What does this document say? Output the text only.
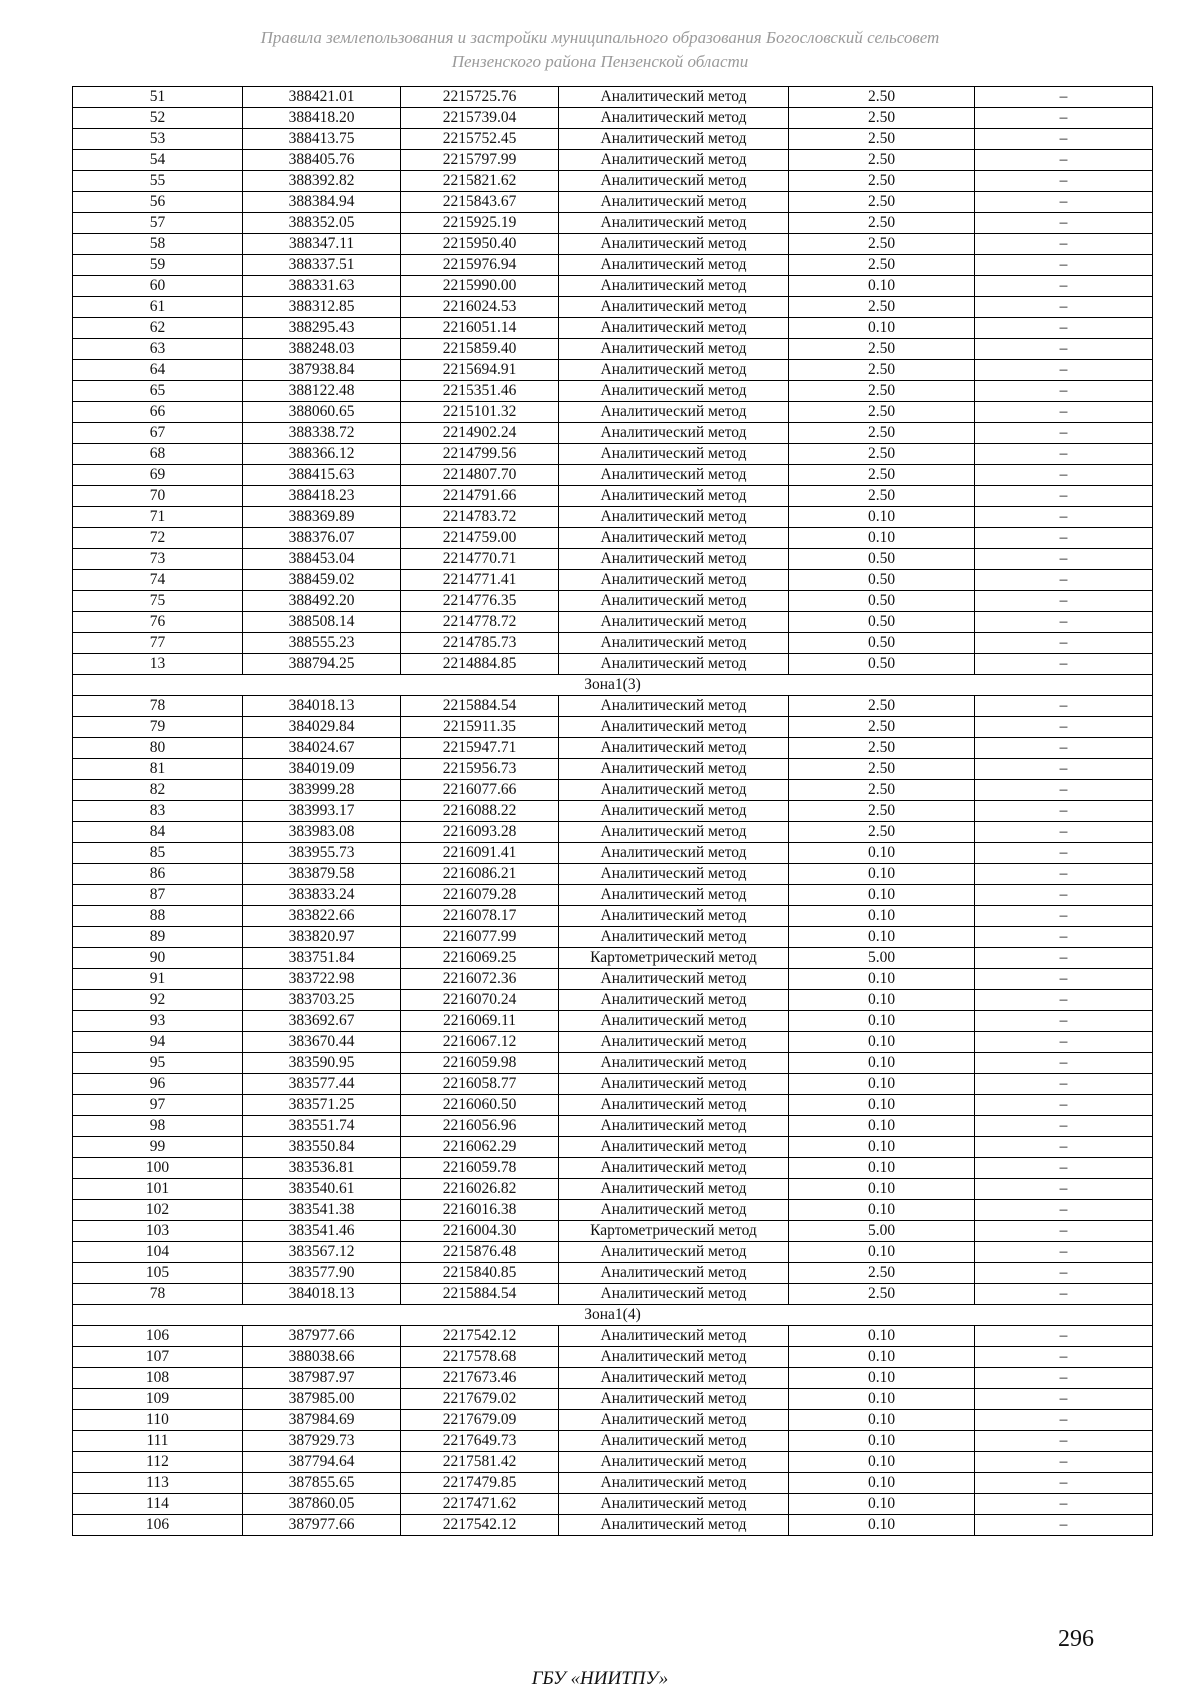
Правила землепользования и застройки муниципального образования Богословский сельсовет
Пензенского района Пензенской области
51	388421.01	2215725.76	Аналитический метод	2.50	–
52	388418.20	2215739.04	Аналитический метод	2.50	–
53	388413.75	2215752.45	Аналитический метод	2.50	–
54	388405.76	2215797.99	Аналитический метод	2.50	–
55	388392.82	2215821.62	Аналитический метод	2.50	–
56	388384.94	2215843.67	Аналитический метод	2.50	–
57	388352.05	2215925.19	Аналитический метод	2.50	–
58	388347.11	2215950.40	Аналитический метод	2.50	–
59	388337.51	2215976.94	Аналитический метод	2.50	–
60	388331.63	2215990.00	Аналитический метод	0.10	–
61	388312.85	2216024.53	Аналитический метод	2.50	–
62	388295.43	2216051.14	Аналитический метод	0.10	–
63	388248.03	2215859.40	Аналитический метод	2.50	–
64	387938.84	2215694.91	Аналитический метод	2.50	–
65	388122.48	2215351.46	Аналитический метод	2.50	–
66	388060.65	2215101.32	Аналитический метод	2.50	–
67	388338.72	2214902.24	Аналитический метод	2.50	–
68	388366.12	2214799.56	Аналитический метод	2.50	–
69	388415.63	2214807.70	Аналитический метод	2.50	–
70	388418.23	2214791.66	Аналитический метод	2.50	–
71	388369.89	2214783.72	Аналитический метод	0.10	–
72	388376.07	2214759.00	Аналитический метод	0.10	–
73	388453.04	2214770.71	Аналитический метод	0.50	–
74	388459.02	2214771.41	Аналитический метод	0.50	–
75	388492.20	2214776.35	Аналитический метод	0.50	–
76	388508.14	2214778.72	Аналитический метод	0.50	–
77	388555.23	2214785.73	Аналитический метод	0.50	–
13	388794.25	2214884.85	Аналитический метод	0.50	–
Зона1(3)					
78	384018.13	2215884.54	Аналитический метод	2.50	–
79	384029.84	2215911.35	Аналитический метод	2.50	–
80	384024.67	2215947.71	Аналитический метод	2.50	–
81	384019.09	2215956.73	Аналитический метод	2.50	–
82	383999.28	2216077.66	Аналитический метод	2.50	–
83	383993.17	2216088.22	Аналитический метод	2.50	–
84	383983.08	2216093.28	Аналитический метод	2.50	–
85	383955.73	2216091.41	Аналитический метод	0.10	–
86	383879.58	2216086.21	Аналитический метод	0.10	–
87	383833.24	2216079.28	Аналитический метод	0.10	–
88	383822.66	2216078.17	Аналитический метод	0.10	–
89	383820.97	2216077.99	Аналитический метод	0.10	–
90	383751.84	2216069.25	Картометрический метод	5.00	–
91	383722.98	2216072.36	Аналитический метод	0.10	–
92	383703.25	2216070.24	Аналитический метод	0.10	–
93	383692.67	2216069.11	Аналитический метод	0.10	–
94	383670.44	2216067.12	Аналитический метод	0.10	–
95	383590.95	2216059.98	Аналитический метод	0.10	–
96	383577.44	2216058.77	Аналитический метод	0.10	–
97	383571.25	2216060.50	Аналитический метод	0.10	–
98	383551.74	2216056.96	Аналитический метод	0.10	–
99	383550.84	2216062.29	Аналитический метод	0.10	–
100	383536.81	2216059.78	Аналитический метод	0.10	–
101	383540.61	2216026.82	Аналитический метод	0.10	–
102	383541.38	2216016.38	Аналитический метод	0.10	–
103	383541.46	2216004.30	Картометрический метод	5.00	–
104	383567.12	2215876.48	Аналитический метод	0.10	–
105	383577.90	2215840.85	Аналитический метод	2.50	–
78	384018.13	2215884.54	Аналитический метод	2.50	–
Зона1(4)					
106	387977.66	2217542.12	Аналитический метод	0.10	–
107	388038.66	2217578.68	Аналитический метод	0.10	–
108	387987.97	2217673.46	Аналитический метод	0.10	–
109	387985.00	2217679.02	Аналитический метод	0.10	–
110	387984.69	2217679.09	Аналитический метод	0.10	–
111	387929.73	2217649.73	Аналитический метод	0.10	–
112	387794.64	2217581.42	Аналитический метод	0.10	–
113	387855.65	2217479.85	Аналитический метод	0.10	–
114	387860.05	2217471.62	Аналитический метод	0.10	–
106	387977.66	2217542.12	Аналитический метод	0.10	–
296
ГБУ «НИИТПУ»
